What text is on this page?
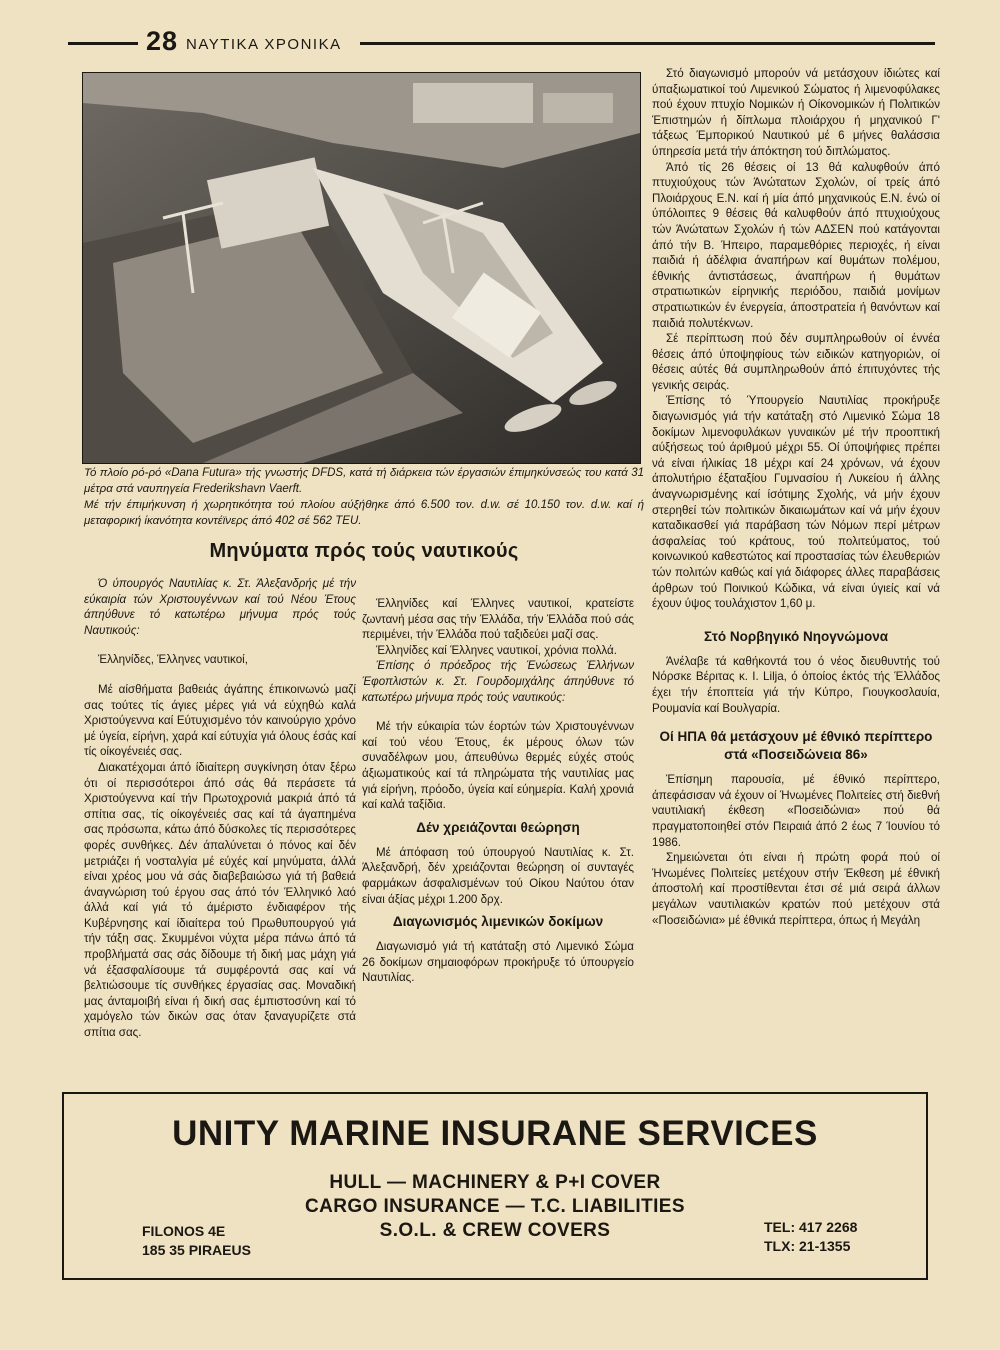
28 ΝΑΥΤΙΚΑ ΧΡΟΝΙΚΑ

Τό πλοίο ρό-ρό «Dana Futura» τής γνωστής DFDS, κατά τή διάρκεια τών έργασιών έπιμηκύνσεώς του κατά 31 μέτρα στά ναυπηγεία Frederikshavn Vaerft.

Μέ τήν έπιμήκυνση ή χωρητικότητα τού πλοίου αύξήθηκε άπό 6.500 τον. d.w. σέ 10.150 τον. d.w. καί ή μεταφορική ίκανότητα κοντέϊνερς άπό 402 σέ 562 TEU.

Μηνύματα πρός τούς ναυτικούς

Ό ύπουργός Ναυτιλίας κ. Στ. Άλεξανδρής μέ τήν εύκαιρία τών Χριστουγέννων καί τού Νέου Έτους άπηύθυνε τό κατωτέρω μήνυμα πρός τούς Ναυτικούς:

Έλληνίδες, Έλληνες ναυτικοί,

Μέ αίσθήματα βαθειάς άγάπης έπικοινωνώ μαζί σας τούτες τίς άγιες μέρες γιά νά εύχηθώ καλά Χριστούγεννα καί Εύτυχισμένο τόν καινούργιο χρόνο μέ ύγεία, είρήνη, χαρά καί εύτυχία γιά όλους έσάς καί τίς οίκογένειές σας.

Διακατέχομαι άπό ίδιαίτερη συγκίνηση όταν ξέρω ότι οί περισσότεροι άπό σάς θά περάσετε τά Χριστούγεννα καί τήν Πρωτοχρονιά μακριά άπό τά σπίτια σας, τίς οίκογένειές σας καί τά άγαπημένα σας πρόσωπα, κάτω άπό δύσκολες τίς περισσότερες φορές συνθήκες. Δέν άπαλύνεται ό πόνος καί δέν μετριάζει ή νοσταλγία μέ εύχές καί μηνύματα, άλλά είναι χρέος μου νά σάς διαβεβαιώσω γιά τή βαθειά άναγνώριση τού έργου σας άπό τόν Έλληνικό λαό άλλά καί γιά τό άμέριστο ένδιαφέρον τής Κυβέρνησης καί ίδιαίτερα τού Πρωθυπουργού γιά τήν τάξη σας. Σκυμμένοι νύχτα μέρα πάνω άπό τά προβλήματά σας σάς δίδουμε τή δική μας μάχη γιά νά έξασφαλίσουμε τά συμφέροντά σας καί νά βελτιώσουμε τίς συνθήκες έργασίας σας. Μοναδική μας άνταμοιβή είναι ή δική σας έμπιστοσύνη καί τό χαμόγελο τών δικών σας όταν ξαναγυρίζετε στά σπίτια σας.

Έλληνίδες καί Έλληνες ναυτικοί, κρατείστε ζωντανή μέσα σας τήν Έλλάδα, τήν Έλλάδα πού σάς περιμένει, τήν Έλλάδα πού ταξιδεύει μαζί σας.

Έλληνίδες καί Έλληνες ναυτικοί, χρόνια πολλά.

Έπίσης ό πρόεδρος τής Ένώσεως Έλλήνων Έφοπλιστών κ. Στ. Γουρδομιχάλης άπηύθυνε τό κατωτέρω μήνυμα πρός τούς ναυτικούς:

Μέ τήν εύκαιρία τών έορτών τών Χριστουγέννων καί τού νέου Έτους, έκ μέρους όλων τών συναδέλφων μου, άπευθύνω θερμές εύχές στούς άξιωματικούς καί τά πληρώματα τής ναυτιλίας μας γιά είρήνη, πρόοδο, ύγεία καί εύημερία. Καλή χρονιά καί καλά ταξίδια.

Δέν χρειάζονται θεώρηση

Μέ άπόφαση τού ύπουργού Ναυτιλίας κ. Στ. Άλεξανδρή, δέν χρειάζονται θεώρηση οί συνταγές φαρμάκων άσφαλισμένων τού Οίκου Ναύτου όταν είναι άξίας μέχρι 1.200 δρχ.

Διαγωνισμός λιμενικών δοκίμων

Διαγωνισμό γιά τή κατάταξη στό Λιμενικό Σώμα 26 δοκίμων σημαιοφόρων προκήρυξε τό ύπουργείο Ναυτιλίας.

Στό διαγωνισμό μπορούν νά μετάσχουν ίδιώτες καί ύπαξιωματικοί τού Λιμενικού Σώματος ή λιμενοφύλακες πού έχουν πτυχίο Νομικών ή Οίκονομικών ή Πολιτικών Έπιστημών ή δίπλωμα πλοιάρχου ή μηχανικού Γ' τάξεως Έμπορικού Ναυτικού μέ 6 μήνες θαλάσσια ύπηρεσία μετά τήν άπόκτηση τού διπλώματος.

Άπό τίς 26 θέσεις οί 13 θά καλυφθούν άπό πτυχιούχους τών Άνώτατων Σχολών, οί τρείς άπό Πλοιάρχους Ε.Ν. καί ή μία άπό μηχανικούς Ε.Ν. ένώ οί ύπόλοιπες 9 θέσεις θά καλυφθούν άπό πτυχιούχους τών Άνώτατων Σχολών ή τών ΑΔΣΕΝ πού κατάγονται άπό τήν Β. Ήπειρο, παραμεθόριες περιοχές, ή είναι παιδιά ή άδέλφια άναπήρων καί θυμάτων πολέμου, έθνικής άντιστάσεως, άναπήρων ή θυμάτων στρατιωτικών είρηνικής περιόδου, παιδιά μονίμων στρατιωτικών έν ένεργεία, άποστρατεία ή θανόντων καί παιδιά πολυτέκνων.

Σέ περίπτωση πού δέν συμπληρωθούν οί έννέα θέσεις άπό ύποψηφίους τών ειδικών κατηγοριών, οί θέσεις αύτές θά συμπληρωθούν άπό έπιτυχόντες τής γενικής σειράς.

Έπίσης τό Ύπουργείο Ναυτιλίας προκήρυξε διαγωνισμός γιά τήν κατάταξη στό Λιμενικό Σώμα 18 δοκίμων λιμενοφυλάκων γυναικών μέ τήν προοπτική αύξήσεως τού άριθμού μέχρι 55. Οί ύποψήφιες πρέπει νά είναι ήλικίας 18 μέχρι καί 24 χρόνων, νά έχουν άπολυτήριο έξαταξίου Γυμνασίου ή Λυκείου ή άλλης άναγνωρισμένης καί ίσότιμης Σχολής, νά μήν έχουν στερηθεί τών πολιτικών δικαιωμάτων καί νά μήν έχουν καταδικασθεί γιά παράβαση τών Νόμων περί μέτρων άσφαλείας τού κράτους, τού πολιτεύματος, τού κοινωνικού καθεστώτος καί προστασίας τών έλευθεριών τών πολιτών καθώς καί γιά διάφορες άλλες παραβάσεις άρθρων τού Ποινικού Κώδικα, νά είναι ύγιείς καί νά έχουν ύψος τουλάχιστον 1,60 μ.

Στό Νορβηγικό Νηογνώμονα

Άνέλαβε τά καθήκοντά του ό νέος διευθυντής τού Νόρσκε Βέριτας κ. Ι. Lilja, ό όποίος έκτός τής Έλλάδος έχει τήν έποπτεία γιά τήν Κύπρο, Γιουγκοσλαυία, Ρουμανία καί Βουλγαρία.

Οί ΗΠΑ θά μετάσχουν μέ έθνικό περίπτερο στά «Ποσειδώνεια 86»

Έπίσημη παρουσία, μέ έθνικό περίπτερο, άπεφάσισαν νά έχουν οί Ήνωμένες Πολιτείες στή διεθνή ναυτιλιακή έκθεση «Ποσειδώνια» πού θά πραγματοποιηθεί στόν Πειραιά άπό 2 έως 7 Ίουνίου τό 1986.

Σημειώνεται ότι είναι ή πρώτη φορά πού οί Ήνωμένες Πολιτείες μετέχουν στήν Έκθεση μέ έθνική άποστολή καί προστίθενται έτσι σέ μιά σειρά άλλων μεγάλων ναυτιλιακών κρατών πού μετέχουν στά «Ποσειδώνια» μέ έθνικά περίπτερα, όπως ή Μεγάλη

UNITY MARINE INSURANE SERVICES
HULL — MACHINERY & P+I COVER
CARGO INSURANCE — T.C. LIABILITIES
S.O.L. & CREW COVERS
FILONOS 4E
185 35 PIRAEUS
TEL: 417 2268
TLX: 21-1355
